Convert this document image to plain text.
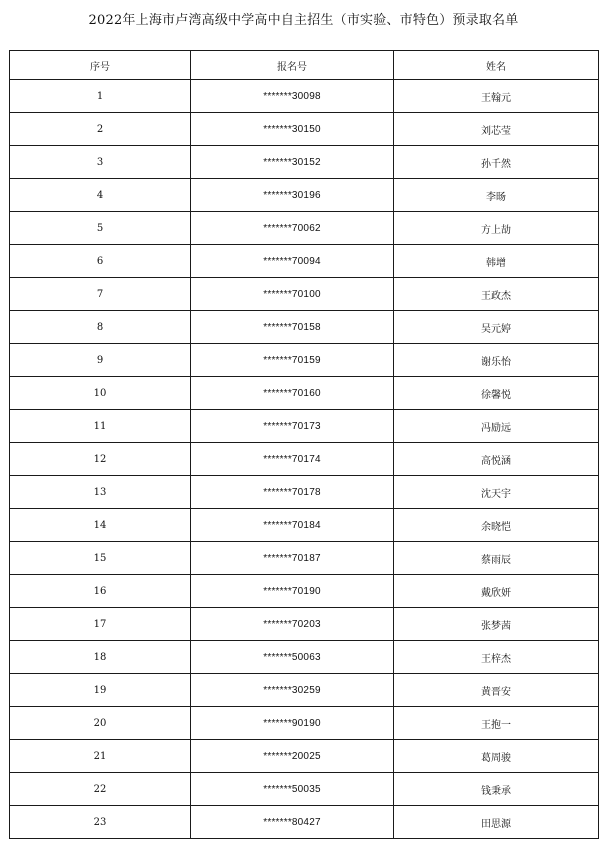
2022年上海市卢湾高级中学高中自主招生（市实验、市特色）预录取名单
序号	报名号	姓名
1	*******30098	王翰元
2	*******30150	刘芯莹
3	*******30152	孙千然
4	*******30196	李旸
5	*******70062	方上劼
6	*******70094	韩增
7	*******70100	王政杰
8	*******70158	吴元婷
9	*******70159	谢乐怡
10	*******70160	徐馨悦
11	*******70173	冯励远
12	*******70174	高悦涵
13	*******70178	沈天宇
14	*******70184	余晓恺
15	*******70187	蔡雨辰
16	*******70190	戴欣妍
17	*******70203	张梦茜
18	*******50063	王梓杰
19	*******30259	黄晋安
20	*******90190	王抱一
21	*******20025	葛周骏
22	*******50035	钱秉承
23	*******80427	田思源
